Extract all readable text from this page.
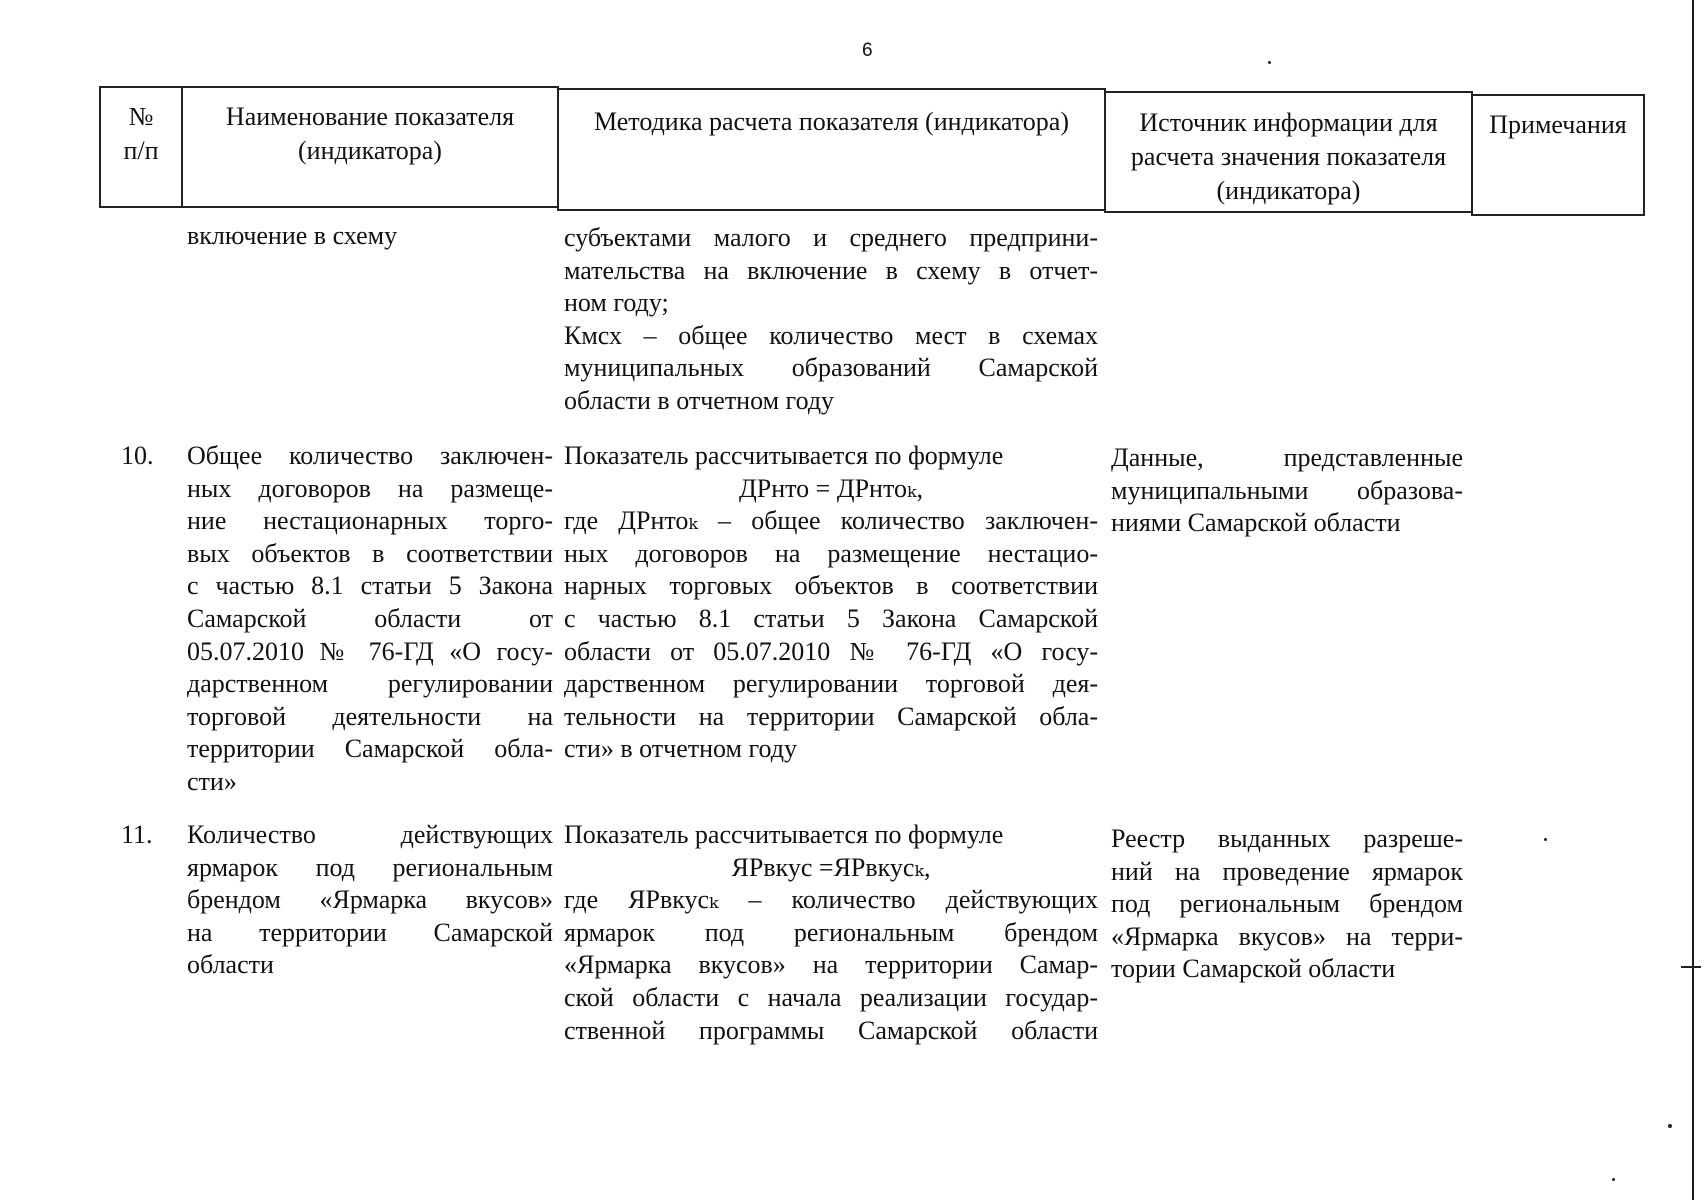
6
№
п/п
Наименование показателя
(индикатора)
Методика расчета показателя (индикатора)	Источник информации для
расчета значения показателя
(индикатора)
Примечания
включение в схему	субъектами малого и среднего предприни-
мательства на включение в схему в отчет-
ном году;
Кмсх – общее количество мест в схемах
муниципальных образований Самарской
области в отчетном году
10. Общее количество заключен-
ных договоров на размеще-
ние нестационарных торго-
вых объектов в соответствии
с частью 8.1 статьи 5 Закона
Самарской области от
05.07.2010 № 76-ГД «О госу-
дарственном регулировании
торговой деятельности на
территории Самарской обла-
сти»
Показатель рассчитывается по формуле
ДРнто = ДРнтоₖ,
где ДРнтоₖ – общее количество заключен-
ных договоров на размещение нестацио-
нарных торговых объектов в соответствии
с частью 8.1 статьи 5 Закона Самарской
области от 05.07.2010 № 76-ГД «О госу-
дарственном регулировании торговой дея-
тельности на территории Самарской обла-
сти» в отчетном году
Данные, представленные
муниципальными образова-
ниями Самарской области
11. Количество действующих
ярмарок под региональным
брендом «Ярмарка вкусов»
на территории Самарской
области
Показатель рассчитывается по формуле
ЯРвкус =ЯРвкусₖ,
где ЯРвкусₖ – количество действующих
ярмарок под региональным брендом
«Ярмарка вкусов» на территории Самар-
ской области с начала реализации государ-
ственной программы Самарской области
Реестр выданных разреше-
ний на проведение ярмарок
под региональным брендом
«Ярмарка вкусов» на терри-
тории Самарской области
